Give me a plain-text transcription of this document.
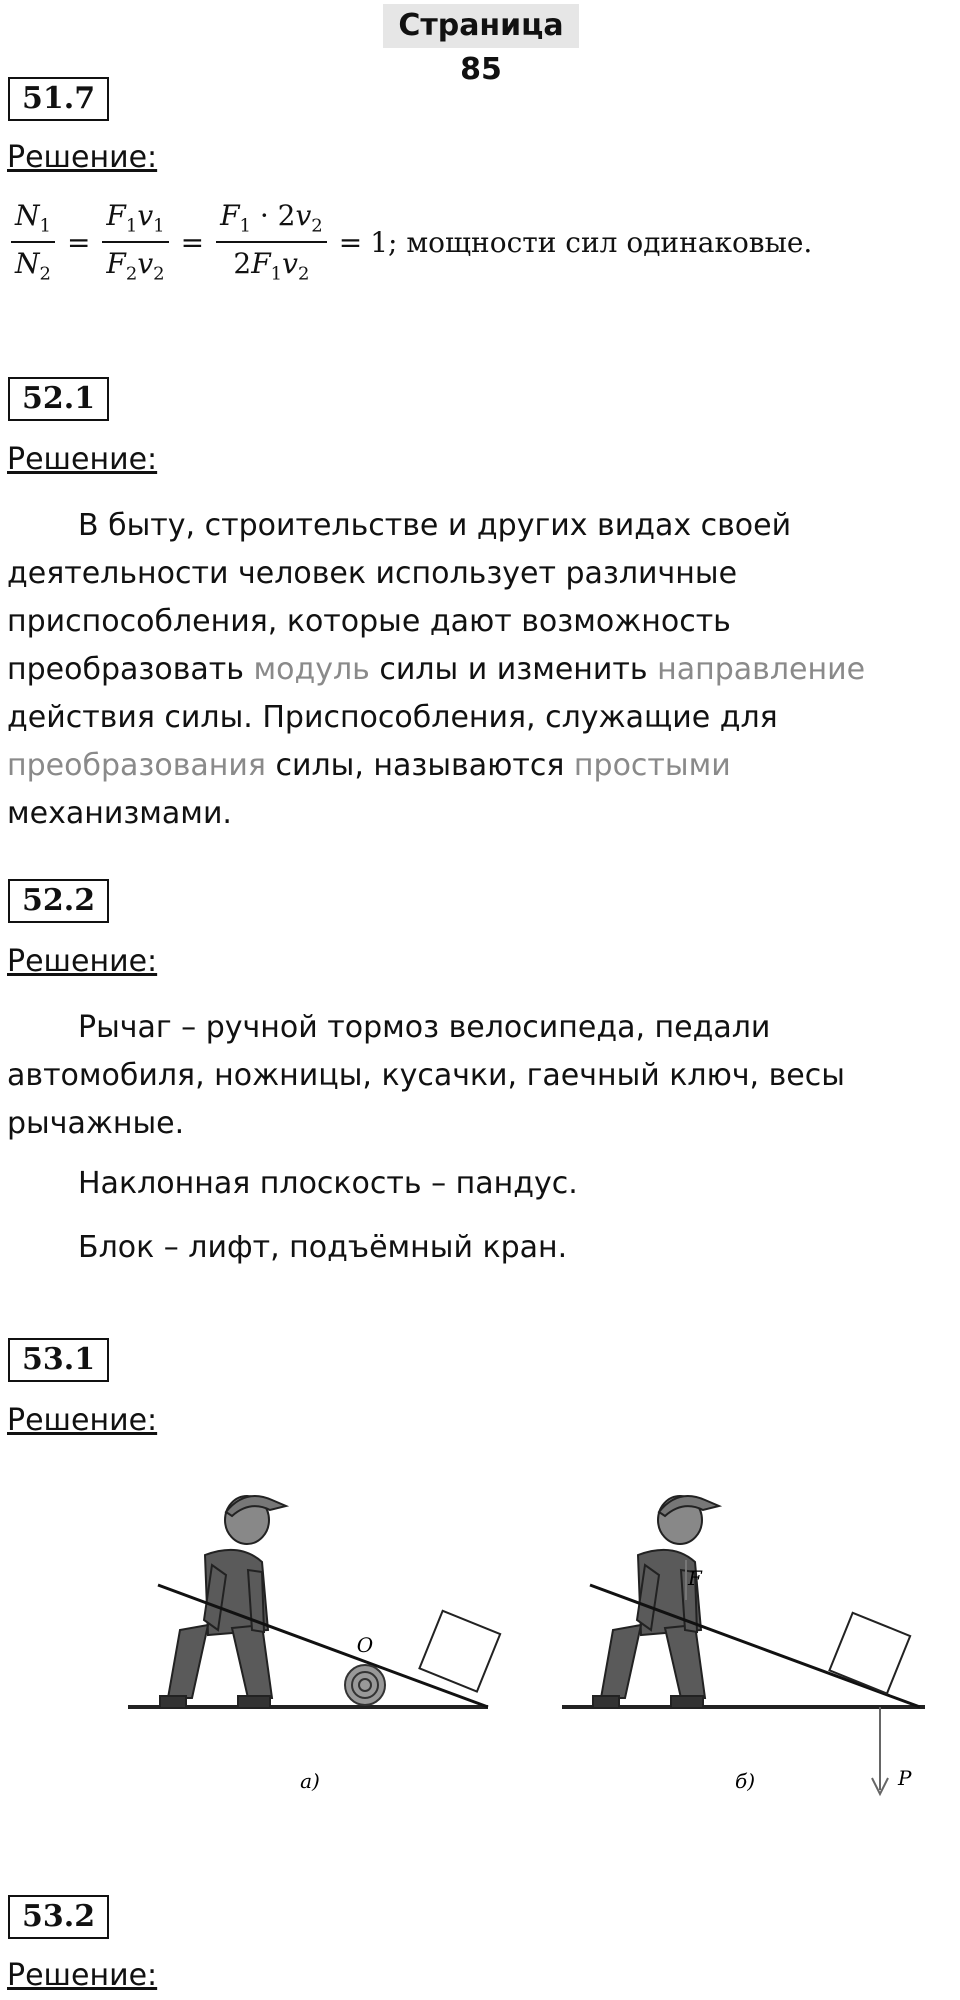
Страница 85
51.7
Решение:
$\frac{N_1}{N_2} = \frac{F_1v_1}{F_2v_2} = \frac{F_1 \cdot 2v_2}{2F_1v_2} = 1$ ; мощности сил одинаковые.
52.1
Решение:

В быту, строительстве и других видах своей деятельности человек использует различные приспособления, которые дают возможность преобразовать модуль силы и изменить направление действия силы. Приспособления, служащие для преобразования силы, называются простыми механизмами.

52.2
Решение:

Рычаг – ручной тормоз велосипеда, педали автомобиля, ножницы, кусачки, гаечный ключ, весы рычажные.

Наклонная плоскость – пандус.

Блок – лифт, подъёмный кран.

53.1
Решение:
O
а)
F
P
б)
53.2
Решение:
